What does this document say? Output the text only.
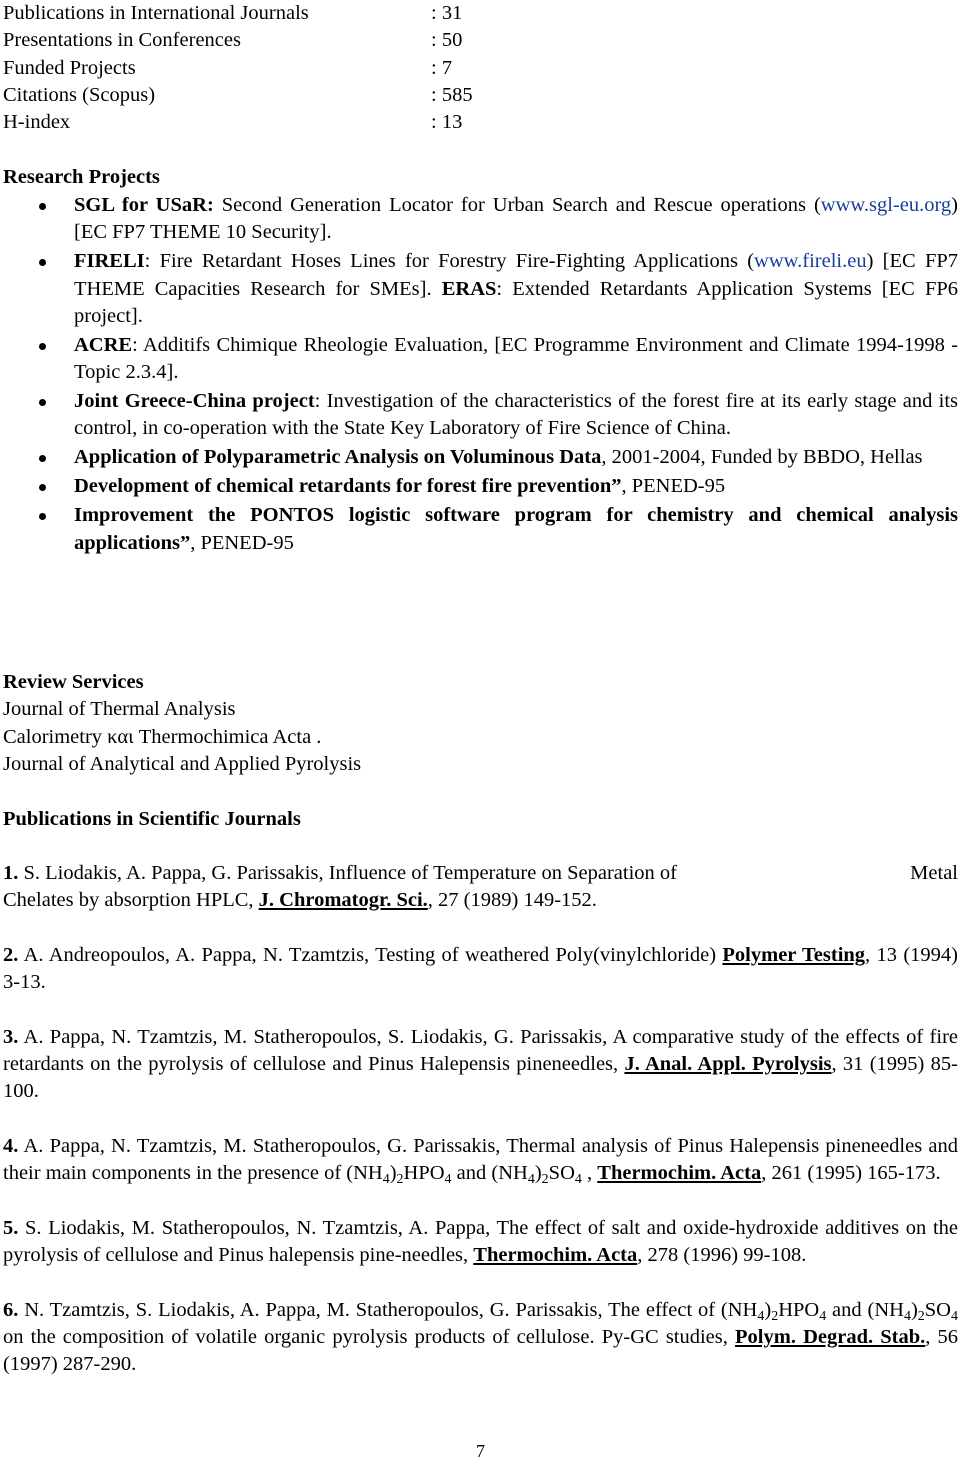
Publications in International Journals	: 31
Presentations in Conferences	: 50
Funded Projects	: 7
Citations (Scopus)	: 585
H-index	: 13
Research Projects
SGL for USaR: Second Generation Locator for Urban Search and Rescue operations (www.sgl-eu.org) [EC FP7 THEME 10 Security].
FIRELI: Fire Retardant Hoses Lines for Forestry Fire-Fighting Applications (www.fireli.eu) [EC FP7 THEME Capacities Research for SMEs]. ERAS: Extended Retardants Application Systems [EC FP6 project].
ACRE: Additifs Chimique Rheologie Evaluation, [EC Programme Environment and Climate 1994-1998 - Topic 2.3.4].
Joint Greece-China project: Investigation of the characteristics of the forest fire at its early stage and its control, in co-operation with the State Key Laboratory of Fire Science of China.
Application of Polyparametric Analysis on Voluminous Data, 2001-2004, Funded by BBDO, Hellas
Development of chemical retardants for forest fire prevention”, PENED-95
Improvement the PONTOS logistic software program for chemistry and chemical analysis applications”, PENED-95
Review Services
Journal of Thermal Analysis
Calorimetry και Thermochimica Acta .
Journal of Analytical and Applied Pyrolysis
Publications in Scientific Journals
1. S. Liodakis, A. Pappa, G. Parissakis, Influence of Temperature on Separation of	Metal
Chelates by absorption HPLC, J. Chromatogr. Sci., 27 (1989) 149-152.
2. A. Andreopoulos, A. Pappa, N. Tzamtzis, Testing of weathered Poly(vinylchloride) Polymer Testing, 13 (1994) 3-13.
3. A. Pappa, N. Tzamtzis, M. Statheropoulos, S. Liodakis, G. Parissakis, A comparative study of the effects of fire retardants on the pyrolysis of cellulose and Pinus Halepensis pineneedles, J. Anal. Appl. Pyrolysis, 31 (1995) 85-100.
4. A. Pappa, N. Tzamtzis, M. Statheropoulos, G. Parissakis, Thermal analysis of Pinus Halepensis pineneedles and their main components in the presence of $(NH_4)_2HPO_4$ and $(NH_4)_2SO_4$ , Thermochim. Acta, 261 (1995) 165-173.
5. S. Liodakis, M. Statheropoulos, N. Tzamtzis, A. Pappa, The effect of salt and oxide-hydroxide additives on the pyrolysis of cellulose and Pinus halepensis pine-needles, Thermochim. Acta, 278 (1996) 99-108.
6. N. Tzamtzis, S. Liodakis, A. Pappa, M. Statheropoulos, G. Parissakis, The effect of $(NH_4)_2HPO_4$ and $(NH_4)_2SO_4$ on the composition of volatile organic pyrolysis products of cellulose. Py-GC studies, Polym. Degrad. Stab., 56 (1997) 287-290.
7
